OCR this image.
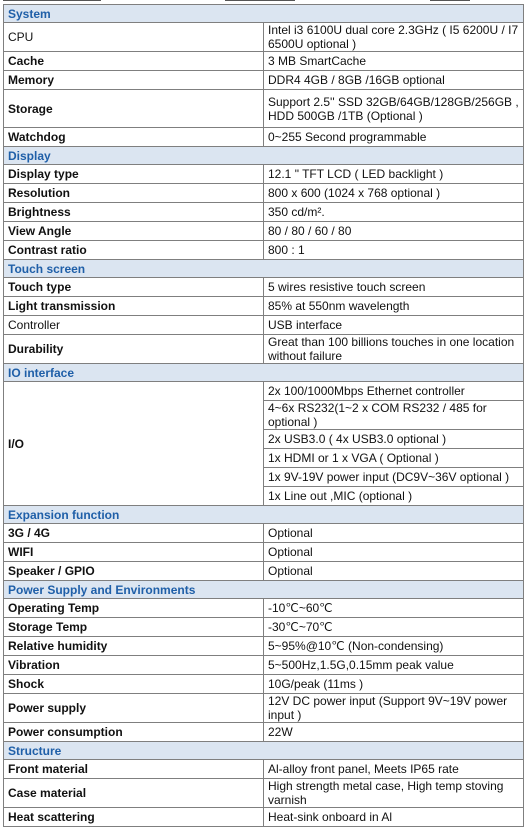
System	
CPU	Intel i3 6100U dual core 2.3GHz ( I5 6200U / I7 6500U optional )
Cache	3 MB SmartCache
Memory	DDR4 4GB / 8GB /16GB optional
Storage	Support 2.5'' SSD 32GB/64GB/128GB/256GB , HDD 500GB /1TB (Optional )
Watchdog	0~255 Second programmable
Display	
Display type	12.1 " TFT LCD ( LED backlight )
Resolution	800 x 600 (1024 x 768 optional )
Brightness	350 cd/m².
View Angle	80 / 80 / 60 / 80
Contrast ratio	800 : 1
Touch screen	
Touch type	5 wires resistive touch screen
Light transmission	85% at 550nm wavelength
Controller	USB interface
Durability	Great than 100 billions touches in one location without failure
IO interface	
I/O	2x 100/1000Mbps Ethernet controller
	4~6x RS232(1~2 x COM RS232 / 485 for optional )
	2x USB3.0 ( 4x USB3.0 optional )
	1x HDMI or 1 x VGA ( Optional )
	1x 9V-19V power input (DC9V~36V optional )
	1x Line out ,MIC (optional )
Expansion function	
3G / 4G	Optional
WIFI	Optional
Speaker / GPIO	Optional
Power Supply and Environments	
Operating Temp	-10℃~60℃
Storage Temp	-30℃~70℃
Relative humidity	5~95%@10℃ (Non-condensing)
Vibration	5~500Hz,1.5G,0.15mm peak value
Shock	10G/peak (11ms )
Power supply	12V DC power input (Support 9V~19V power input )
Power consumption	22W
Structure	
Front material	Al-alloy front panel, Meets IP65 rate
Case material	High strength metal case, High temp stoving varnish
Heat scattering	Heat-sink onboard in Al
